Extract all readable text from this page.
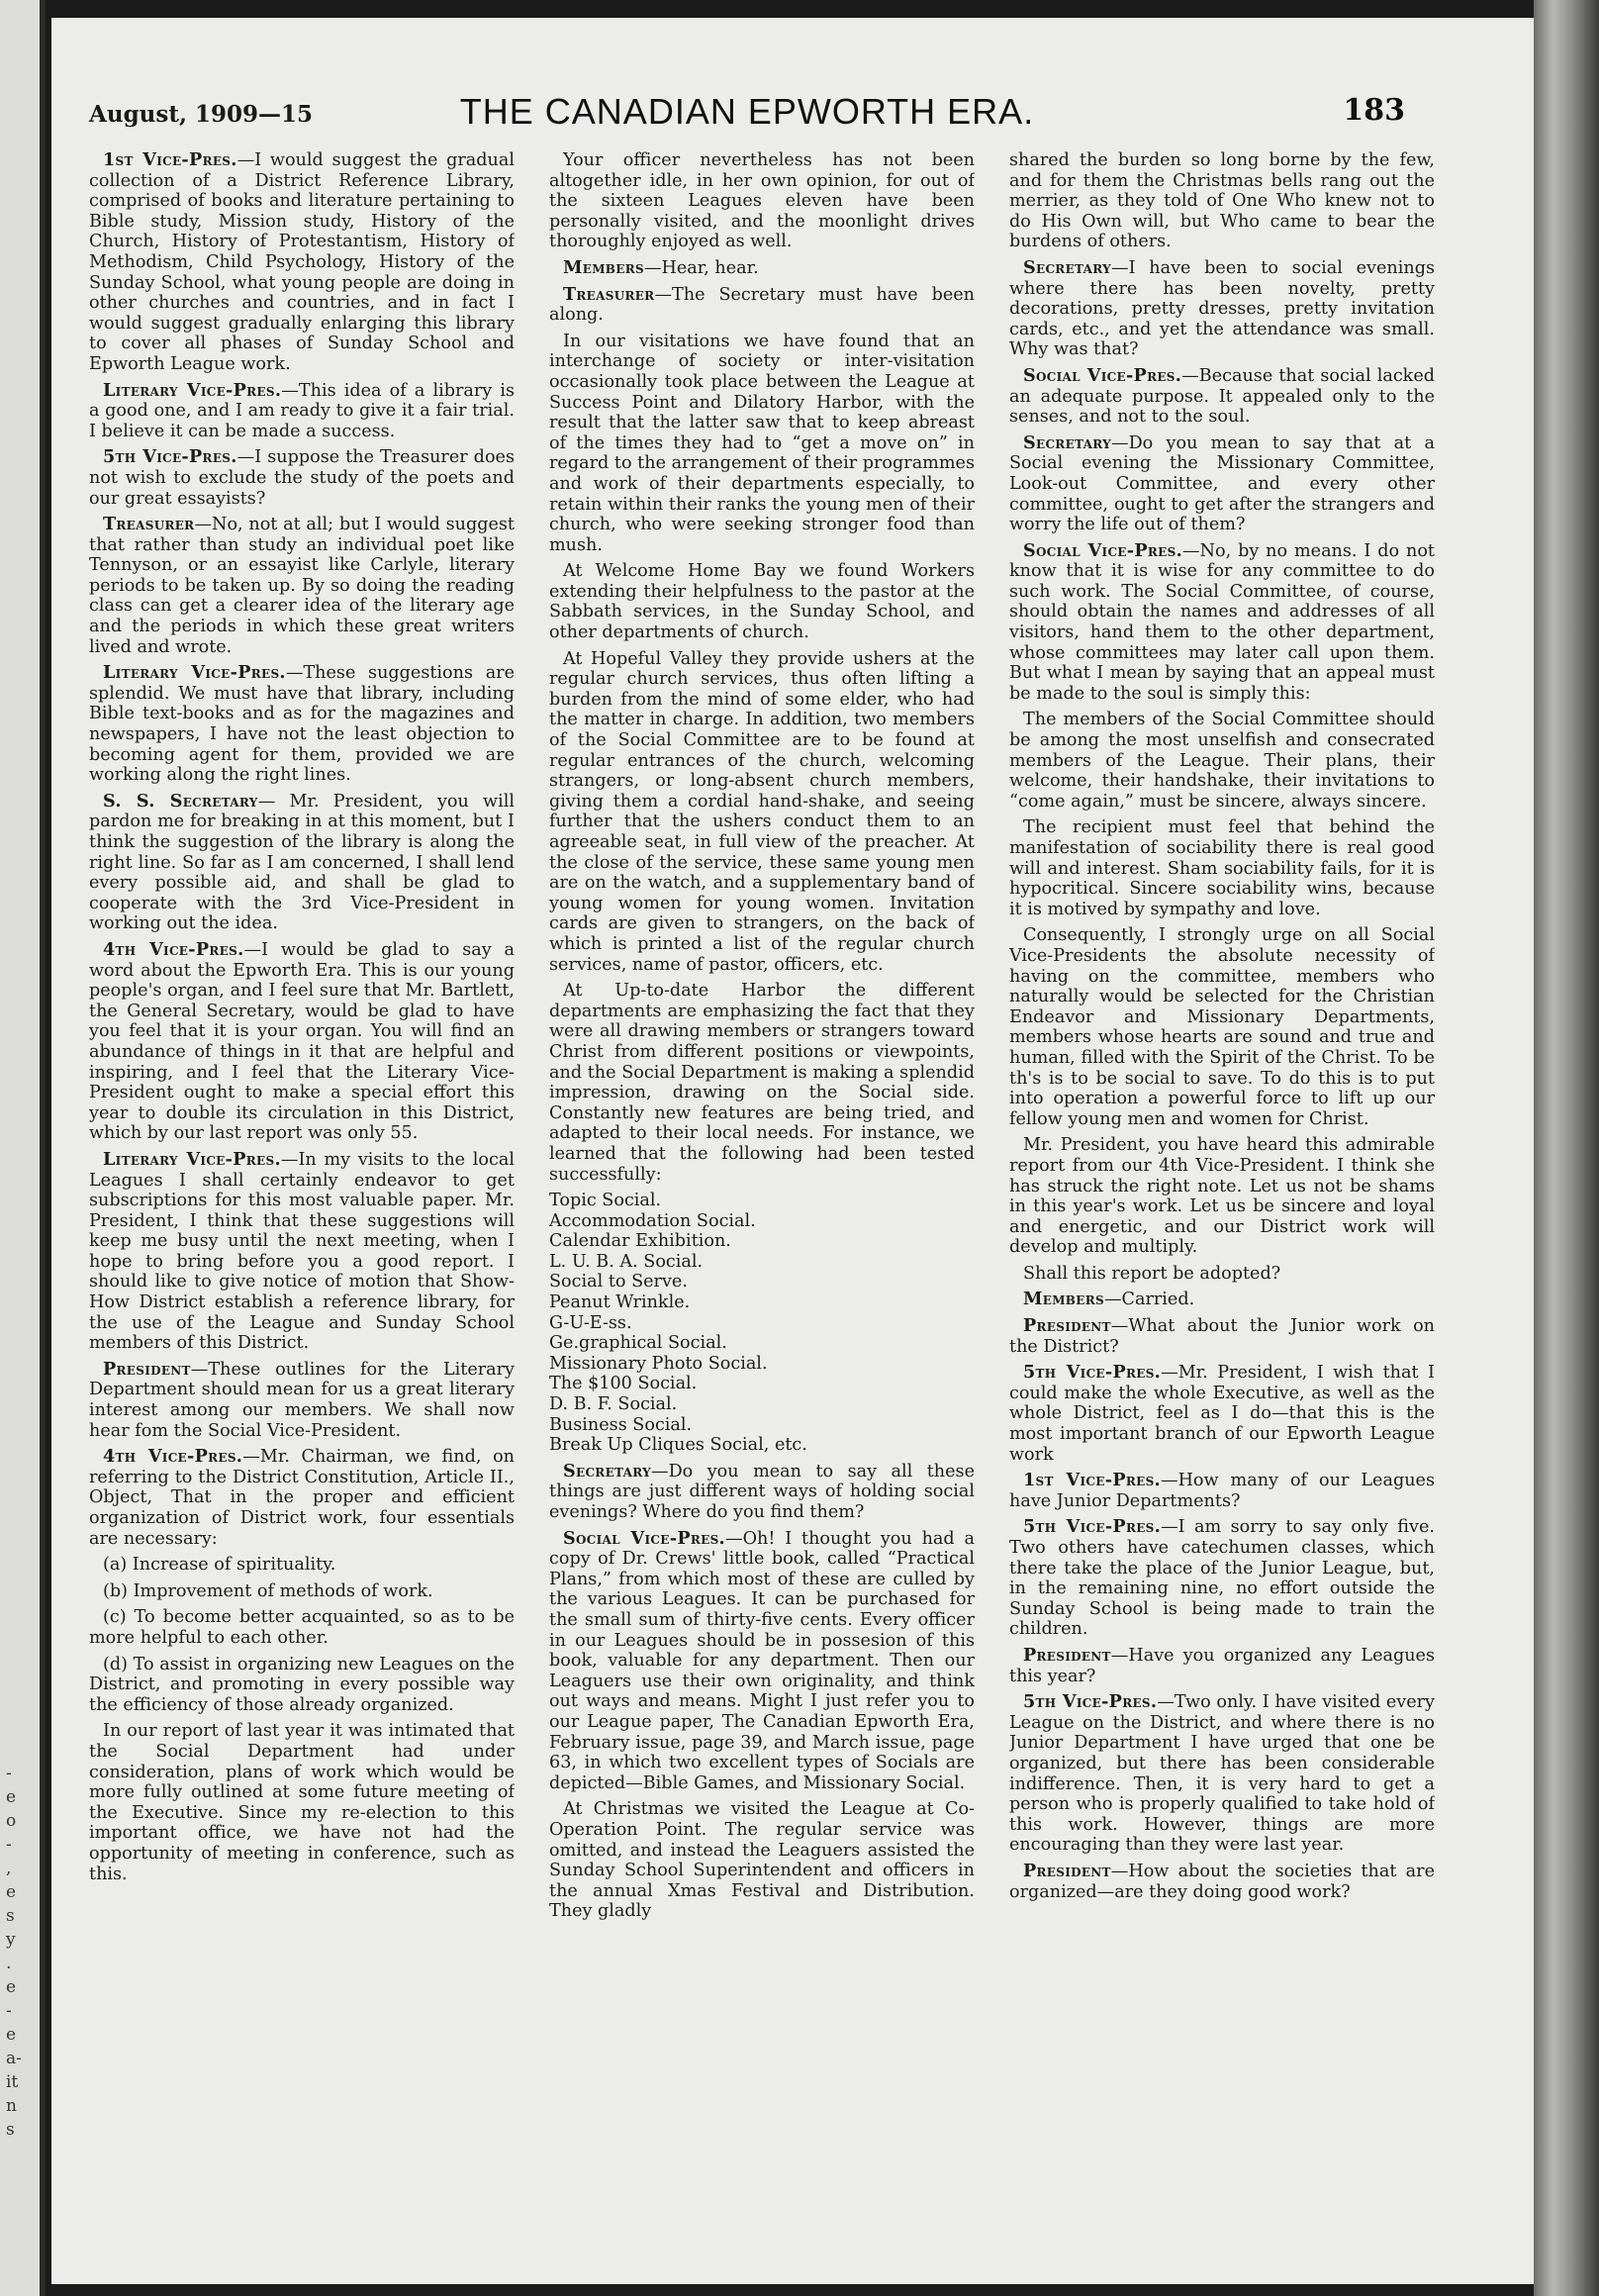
-
e
o
-
,
e
s
y
.
e
-
e
a-
it
n
s
August, 1909—15	THE CANADIAN EPWORTH ERA.	183

1st Vice-Pres.—I would suggest the gradual collection of a District Reference Library, comprised of books and literature pertaining to Bible study, Mission study, History of the Church, History of Protestantism, History of Methodism, Child Psychology, History of the Sunday School, what young people are doing in other churches and countries, and in fact I would suggest gradually enlarging this library to cover all phases of Sunday School and Epworth League work.

Literary Vice-Pres.—This idea of a library is a good one, and I am ready to give it a fair trial. I believe it can be made a success.

5th Vice-Pres.—I suppose the Treasurer does not wish to exclude the study of the poets and our great essayists?

Treasurer—No, not at all; but I would suggest that rather than study an individual poet like Tennyson, or an essayist like Carlyle, literary periods to be taken up. By so doing the reading class can get a clearer idea of the literary age and the periods in which these great writers lived and wrote.

Literary Vice-Pres.—These suggestions are splendid. We must have that library, including Bible text-books and as for the magazines and newspapers, I have not the least objection to becoming agent for them, provided we are working along the right lines.

S. S. Secretary— Mr. President, you will pardon me for breaking in at this moment, but I think the suggestion of the library is along the right line. So far as I am concerned, I shall lend every possible aid, and shall be glad to cooperate with the 3rd Vice-President in working out the idea.

4th Vice-Pres.—I would be glad to say a word about the Epworth Era. This is our young people's organ, and I feel sure that Mr. Bartlett, the General Secretary, would be glad to have you feel that it is your organ. You will find an abundance of things in it that are helpful and inspiring, and I feel that the Literary Vice-President ought to make a special effort this year to double its circulation in this District, which by our last report was only 55.

Literary Vice-Pres.—In my visits to the local Leagues I shall certainly endeavor to get subscriptions for this most valuable paper. Mr. President, I think that these suggestions will keep me busy until the next meeting, when I hope to bring before you a good report. I should like to give notice of motion that Show-How District establish a reference library, for the use of the League and Sunday School members of this District.

President—These outlines for the Literary Department should mean for us a great literary interest among our members. We shall now hear fom the Social Vice-President.

4th Vice-Pres.—Mr. Chairman, we find, on referring to the District Constitution, Article II., Object, That in the proper and efficient organization of District work, four essentials are necessary:

(a) Increase of spirituality.

(b) Improvement of methods of work.

(c) To become better acquainted, so as to be more helpful to each other.

(d) To assist in organizing new Leagues on the District, and promoting in every possible way the efficiency of those already organized.

In our report of last year it was intimated that the Social Department had under consideration, plans of work which would be more fully outlined at some future meeting of the Executive. Since my re-election to this important office, we have not had the opportunity of meeting in conference, such as this.

Your officer nevertheless has not been altogether idle, in her own opinion, for out of the sixteen Leagues eleven have been personally visited, and the moonlight drives thoroughly enjoyed as well.

Members—Hear, hear.

Treasurer—The Secretary must have been along.

In our visitations we have found that an interchange of society or inter-visitation occasionally took place between the League at Success Point and Dilatory Harbor, with the result that the latter saw that to keep abreast of the times they had to “get a move on” in regard to the arrangement of their programmes and work of their departments especially, to retain within their ranks the young men of their church, who were seeking stronger food than mush.

At Welcome Home Bay we found Workers extending their helpfulness to the pastor at the Sabbath services, in the Sunday School, and other departments of church.

At Hopeful Valley they provide ushers at the regular church services, thus often lifting a burden from the mind of some elder, who had the matter in charge. In addition, two members of the Social Committee are to be found at regular entrances of the church, welcoming strangers, or long-absent church members, giving them a cordial hand-shake, and seeing further that the ushers conduct them to an agreeable seat, in full view of the preacher. At the close of the service, these same young men are on the watch, and a supplementary band of young women for young women. Invitation cards are given to strangers, on the back of which is printed a list of the regular church services, name of pastor, officers, etc.

At Up-to-date Harbor the different departments are emphasizing the fact that they were all drawing members or strangers toward Christ from different positions or viewpoints, and the Social Department is making a splendid impression, drawing on the Social side. Constantly new features are being tried, and adapted to their local needs. For instance, we learned that the following had been tested successfully:

Topic Social.
Accommodation Social.
Calendar Exhibition.
L. U. B. A. Social.
Social to Serve.
Peanut Wrinkle.
G-U-E-ss.
Ge.graphical Social.
Missionary Photo Social.
The $100 Social.
D. B. F. Social.
Business Social.
Break Up Cliques Social, etc.

Secretary—Do you mean to say all these things are just different ways of holding social evenings? Where do you find them?

Social Vice-Pres.—Oh! I thought you had a copy of Dr. Crews' little book, called “Practical Plans,” from which most of these are culled by the various Leagues. It can be purchased for the small sum of thirty-five cents. Every officer in our Leagues should be in possesion of this book, valuable for any department. Then our Leaguers use their own originality, and think out ways and means. Might I just refer you to our League paper, The Canadian Epworth Era, February issue, page 39, and March issue, page 63, in which two excellent types of Socials are depicted—Bible Games, and Missionary Social.

At Christmas we visited the League at Co-Operation Point. The regular service was omitted, and instead the Leaguers assisted the Sunday School Superintendent and officers in the annual Xmas Festival and Distribution. They gladly

shared the burden so long borne by the few, and for them the Christmas bells rang out the merrier, as they told of One Who knew not to do His Own will, but Who came to bear the burdens of others.

Secretary—I have been to social evenings where there has been novelty, pretty decorations, pretty dresses, pretty invitation cards, etc., and yet the attendance was small. Why was that?

Social Vice-Pres.—Because that social lacked an adequate purpose. It appealed only to the senses, and not to the soul.

Secretary—Do you mean to say that at a Social evening the Missionary Committee, Look-out Committee, and every other committee, ought to get after the strangers and worry the life out of them?

Social Vice-Pres.—No, by no means. I do not know that it is wise for any committee to do such work. The Social Committee, of course, should obtain the names and addresses of all visitors, hand them to the other department, whose committees may later call upon them. But what I mean by saying that an appeal must be made to the soul is simply this:

The members of the Social Committee should be among the most unselfish and consecrated members of the League. Their plans, their welcome, their handshake, their invitations to “come again,” must be sincere, always sincere.

The recipient must feel that behind the manifestation of sociability there is real good will and interest. Sham sociability fails, for it is hypocritical. Sincere sociability wins, because it is motived by sympathy and love.

Consequently, I strongly urge on all Social Vice-Presidents the absolute necessity of having on the committee, members who naturally would be selected for the Christian Endeavor and Missionary Departments, members whose hearts are sound and true and human, filled with the Spirit of the Christ. To be th's is to be social to save. To do this is to put into operation a powerful force to lift up our fellow young men and women for Christ.

Mr. President, you have heard this admirable report from our 4th Vice-President. I think she has struck the right note. Let us not be shams in this year's work. Let us be sincere and loyal and energetic, and our District work will develop and multiply.

Shall this report be adopted?

Members—Carried.

President—What about the Junior work on the District?

5th Vice-Pres.—Mr. President, I wish that I could make the whole Executive, as well as the whole District, feel as I do—that this is the most important branch of our Epworth League work

1st Vice-Pres.—How many of our Leagues have Junior Departments?

5th Vice-Pres.—I am sorry to say only five. Two others have catechumen classes, which there take the place of the Junior League, but, in the remaining nine, no effort outside the Sunday School is being made to train the children.

President—Have you organized any Leagues this year?

5th Vice-Pres.—Two only. I have visited every League on the District, and where there is no Junior Department I have urged that one be organized, but there has been considerable indifference. Then, it is very hard to get a person who is properly qualified to take hold of this work. However, things are more encouraging than they were last year.

President—How about the societies that are organized—are they doing good work?
